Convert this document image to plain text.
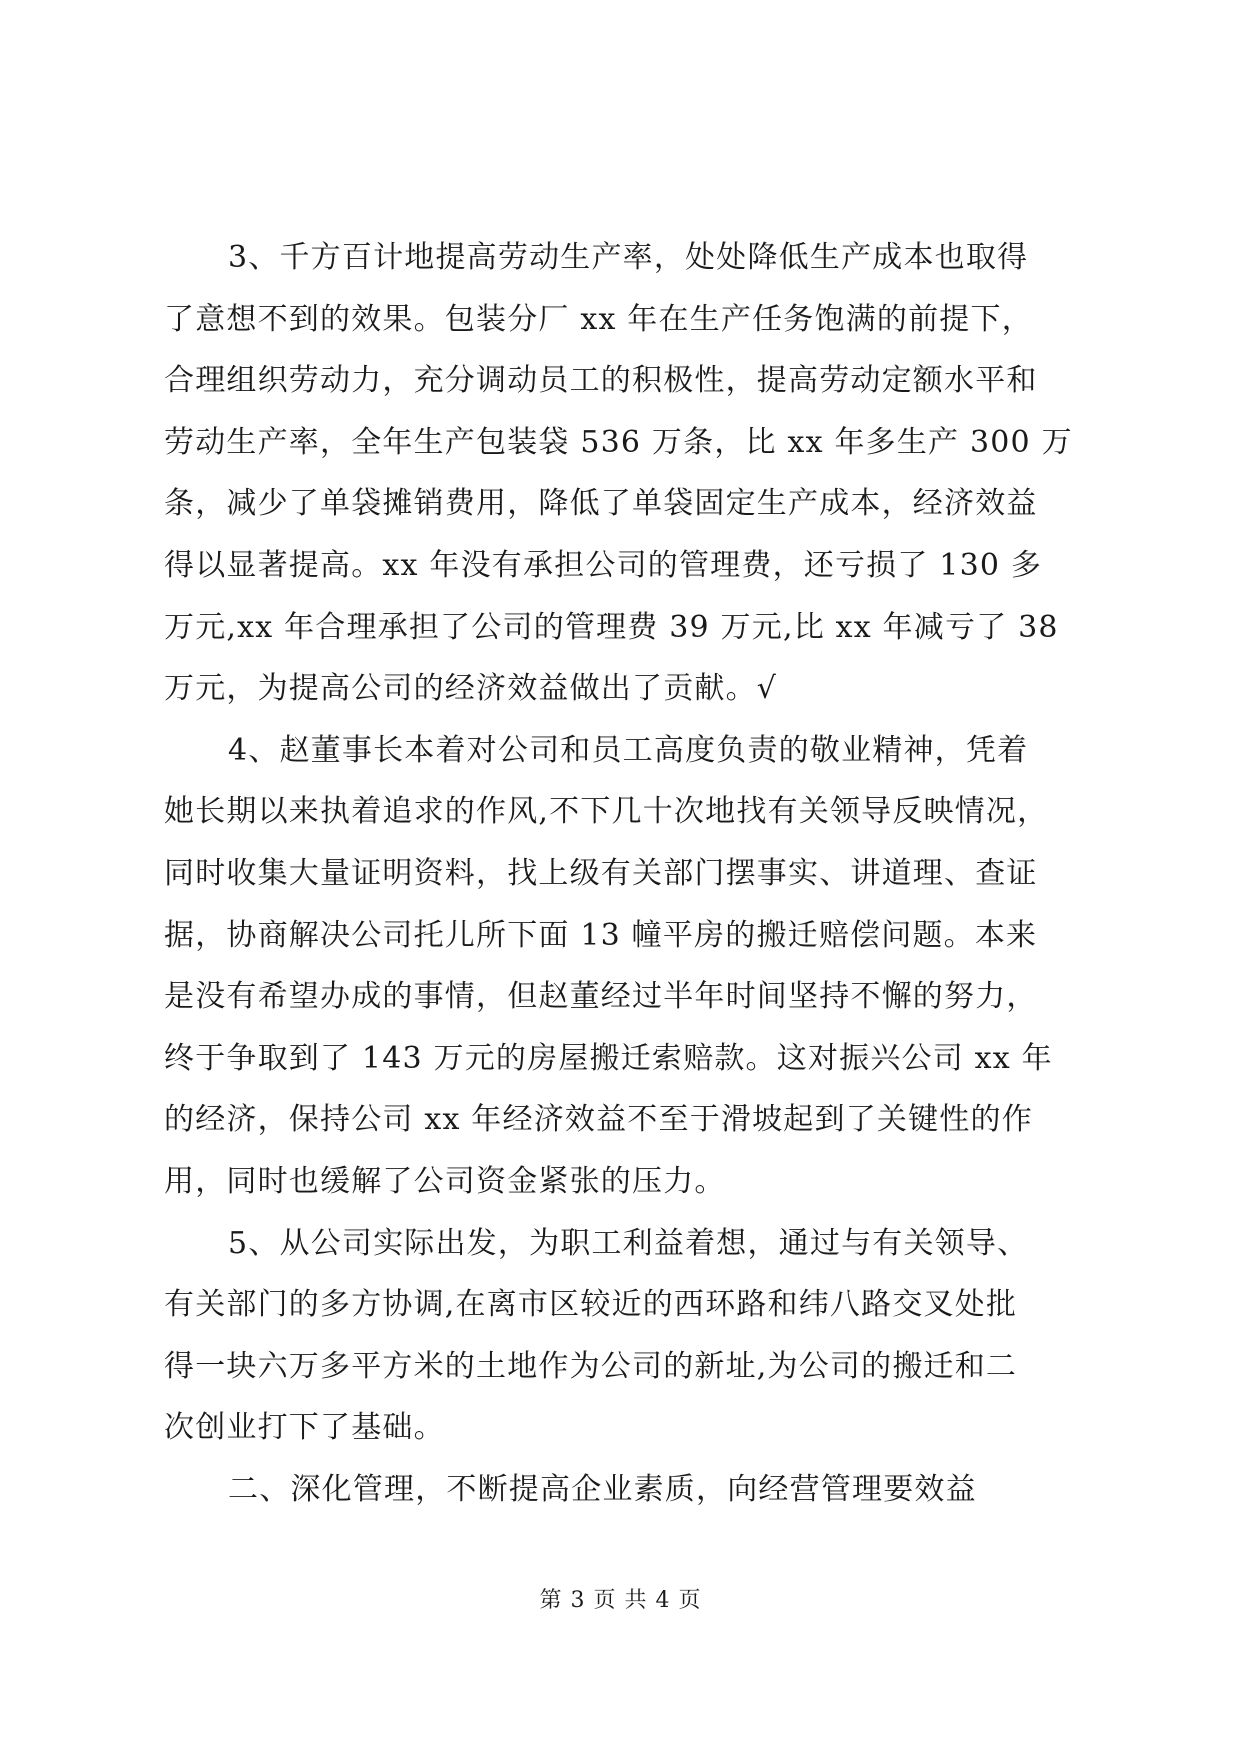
3、千方百计地提高劳动生产率，处处降低生产成本也取得
了意想不到的效果。包装分厂 xx 年在生产任务饱满的前提下，
合理组织劳动力，充分调动员工的积极性，提高劳动定额水平和
劳动生产率，全年生产包装袋 536 万条，比 xx 年多生产 300 万
条，减少了单袋摊销费用，降低了单袋固定生产成本，经济效益
得以显著提高。xx 年没有承担公司的管理费，还亏损了 130 多
万元,xx 年合理承担了公司的管理费 39 万元,比 xx 年减亏了 38
万元，为提高公司的经济效益做出了贡献。√
4、赵董事长本着对公司和员工高度负责的敬业精神，凭着
她长期以来执着追求的作风,不下几十次地找有关领导反映情况，
同时收集大量证明资料，找上级有关部门摆事实、讲道理、查证
据，协商解决公司托儿所下面 13 幢平房的搬迁赔偿问题。本来
是没有希望办成的事情，但赵董经过半年时间坚持不懈的努力，
终于争取到了 143 万元的房屋搬迁索赔款。这对振兴公司 xx 年
的经济，保持公司 xx 年经济效益不至于滑坡起到了关键性的作
用，同时也缓解了公司资金紧张的压力。
5、从公司实际出发，为职工利益着想，通过与有关领导、
有关部门的多方协调,在离市区较近的西环路和纬八路交叉处批
得一块六万多平方米的土地作为公司的新址,为公司的搬迁和二
次创业打下了基础。
二、深化管理，不断提高企业素质，向经营管理要效益
第 3 页 共 4 页
